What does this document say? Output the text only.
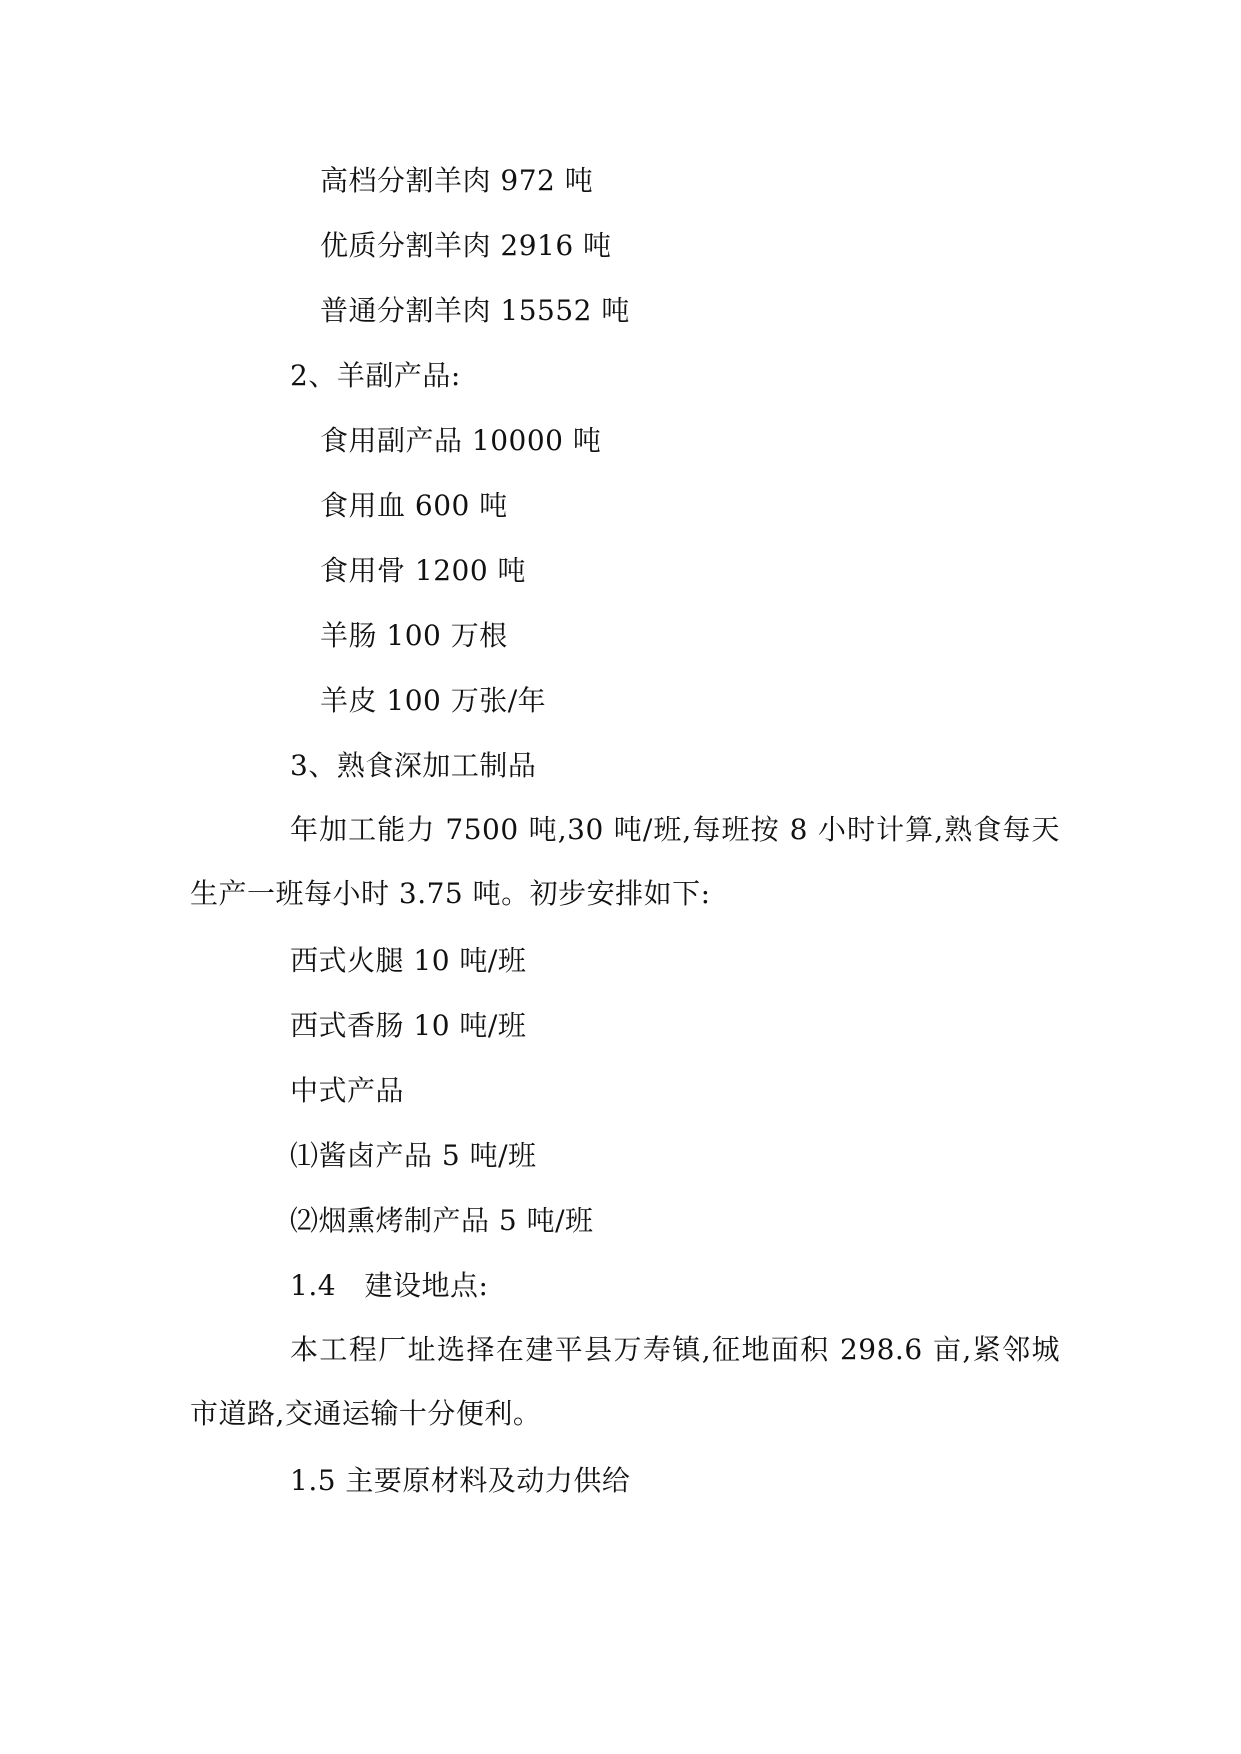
高档分割羊肉 972 吨
优质分割羊肉 2916 吨
普通分割羊肉 15552 吨
2、羊副产品:
食用副产品 10000 吨
食用血 600 吨
食用骨 1200 吨
羊肠 100 万根
羊皮 100 万张/年
3、熟食深加工制品
年加工能力 7500 吨,30 吨/班,每班按 8 小时计算,熟食每天生产一班每小时 3.75 吨。初步安排如下:
西式火腿 10 吨/班
西式香肠 10 吨/班
中式产品
⑴酱卤产品 5 吨/班
⑵烟熏烤制产品 5 吨/班
1.4　建设地点:
本工程厂址选择在建平县万寿镇,征地面积 298.6 亩,紧邻城市道路,交通运输十分便利。
1.5 主要原材料及动力供给
